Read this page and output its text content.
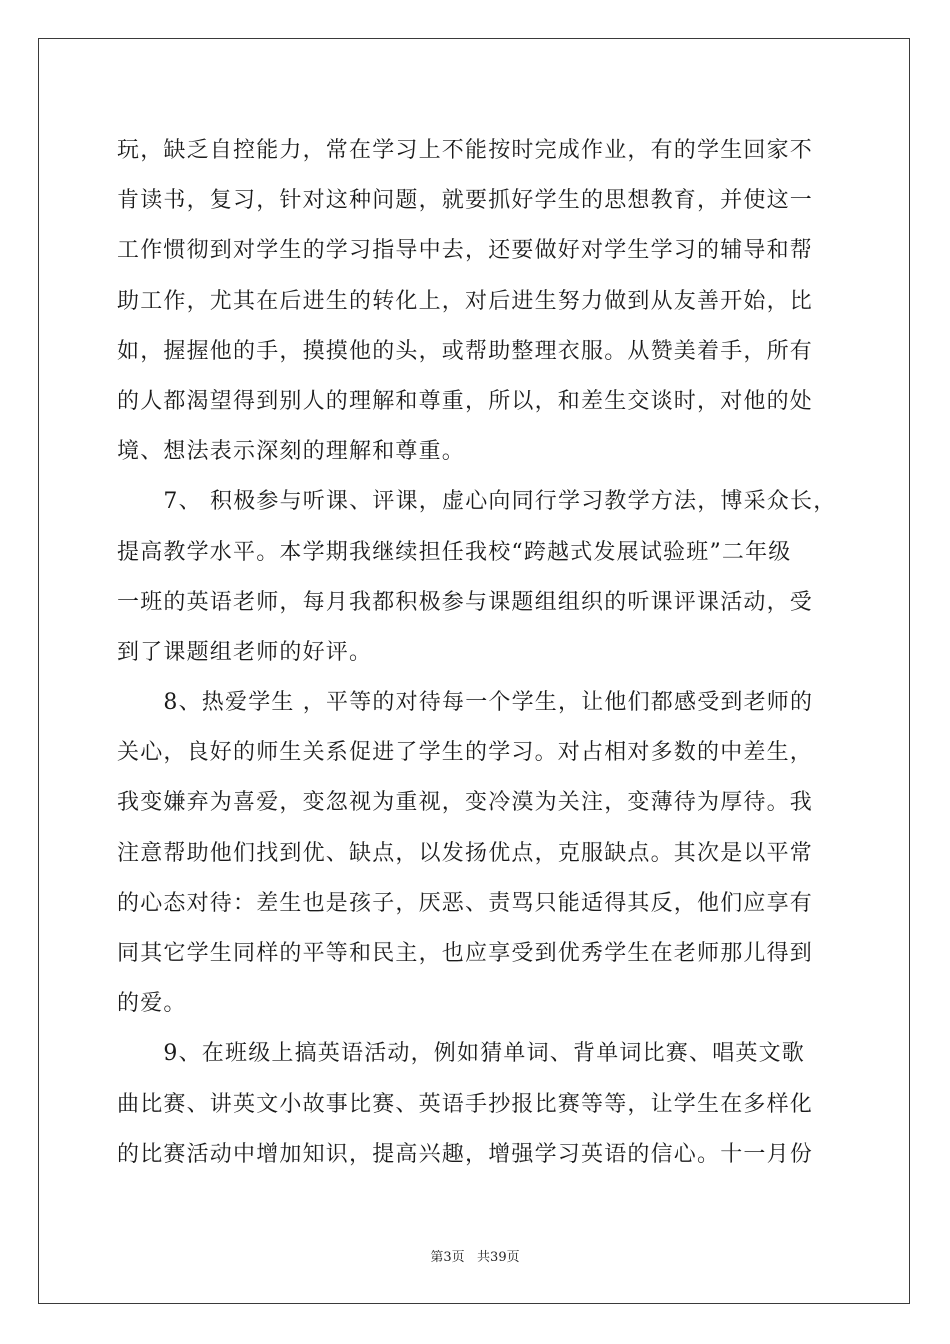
玩，缺乏自控能力，常在学习上不能按时完成作业，有的学生回家不
肯读书，复习，针对这种问题，就要抓好学生的思想教育，并使这一
工作惯彻到对学生的学习指导中去，还要做好对学生学习的辅导和帮
助工作，尤其在后进生的转化上，对后进生努力做到从友善开始，比
如，握握他的手，摸摸他的头，或帮助整理衣服。从赞美着手，所有
的人都渴望得到别人的理解和尊重，所以，和差生交谈时，对他的处
境、想法表示深刻的理解和尊重。
　　7、 积极参与听课、评课，虚心向同行学习教学方法，博采众长，
提高教学水平。本学期我继续担任我校“跨越式发展试验班”二年级
一班的英语老师，每月我都积极参与课题组组织的听课评课活动，受
到了课题组老师的好评。
　　8、热爱学生 ，平等的对待每一个学生，让他们都感受到老师的
关心，良好的师生关系促进了学生的学习。对占相对多数的中差生，
我变嫌弃为喜爱，变忽视为重视，变冷漠为关注，变薄待为厚待。我
注意帮助他们找到优、缺点，以发扬优点，克服缺点。其次是以平常
的心态对待：差生也是孩子，厌恶、责骂只能适得其反，他们应享有
同其它学生同样的平等和民主，也应享受到优秀学生在老师那儿得到
的爱。
　　9、在班级上搞英语活动，例如猜单词、背单词比赛、唱英文歌
曲比赛、讲英文小故事比赛、英语手抄报比赛等等，让学生在多样化
的比赛活动中增加知识，提高兴趣，增强学习英语的信心。十一月份
第3页   共39页
